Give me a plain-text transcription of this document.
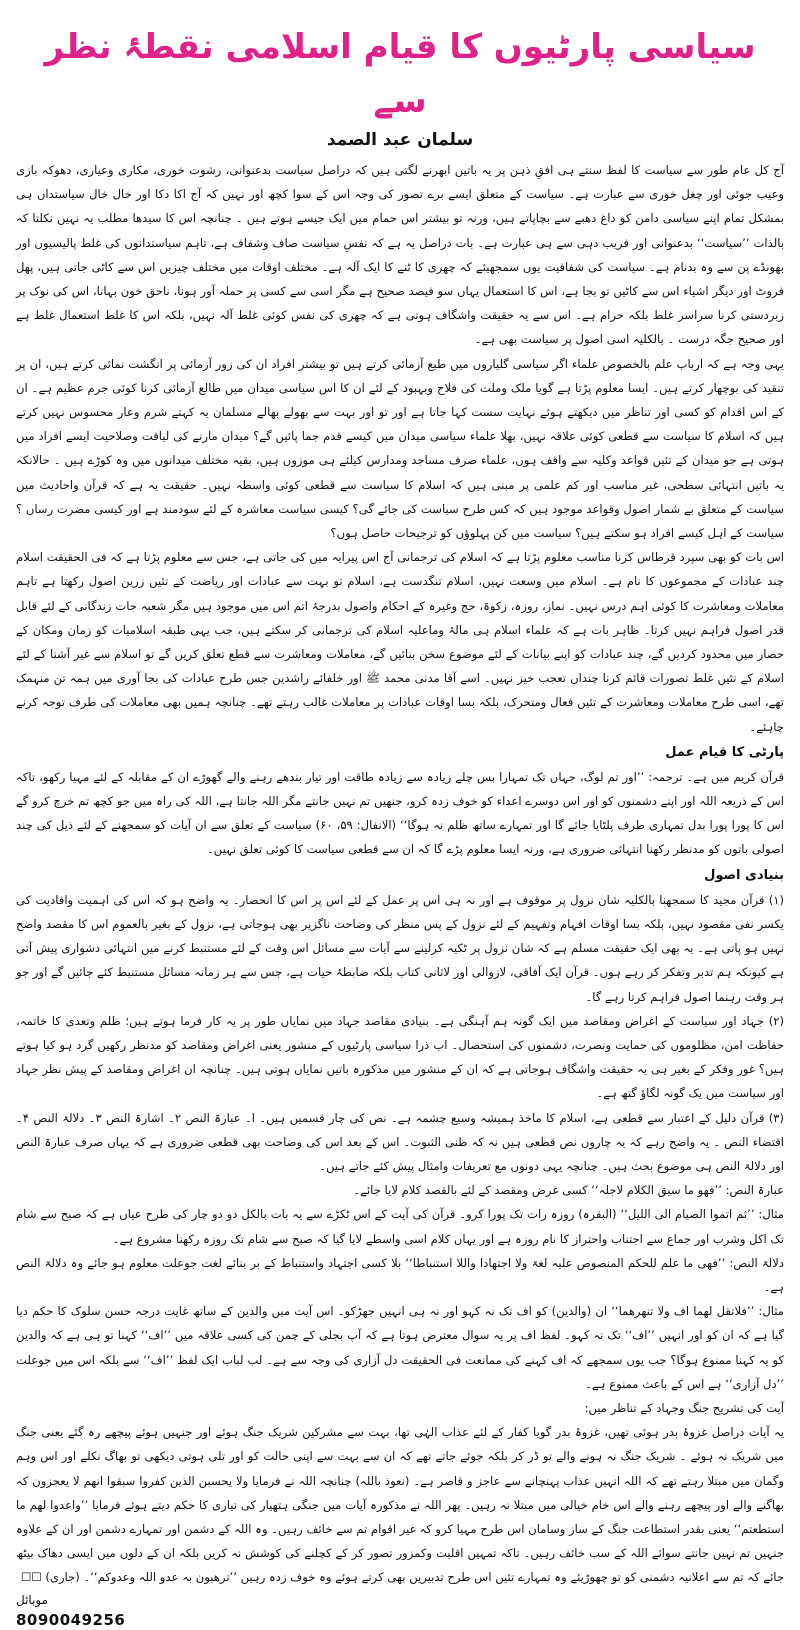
سیاسی پارٹیوں کا قیام اسلامی نقطۂ نظر سے
سلمان عبد الصمد

آج کل عام طور سے سیاست کا لفظ سنتے ہی افقِ ذہن پر یہ باتیں ابھرنے لگتی ہیں کہ دراصل سیاست بدعنوانی، رشوت خوری، مکاری وعیاری، دھوکہ بازی وعیب جوئی اور چغل خوری سے عبارت ہے۔ سیاست کے متعلق ایسے برے تصور کی وجہ اس کے سوا کچھ اور نہیں کہ آج اکا دکا اور خال خال سیاستداں ہی بمشکل تمام اپنے سیاسی دامن کو داغ دھبے سے بچاپاتے ہیں، ورنہ تو بیشتر اس حمام میں ایک جیسے ہوتے ہیں ۔ چنانچہ اس کا سیدھا مطلب یہ نہیں نکلتا کہ بالذات ’’سیاست‘‘ بدعنوانی اور فریب دہی سے ہی عبارت ہے۔ بات دراصل یہ ہے کہ نفسِ سیاست صاف وشفاف ہے، تاہم سیاستدانوں کی غلط پالیسیوں اور بھونڈے پن سے وہ بدنام ہے۔ سیاست کی شفافیت یوں سمجھیئے کہ چھری کا ٹنے کا ایک آلہ ہے۔ مختلف اوقات میں مختلف چیزیں اس سے کاٹی جاتی ہیں، پھل فروٹ اور دیگر اشیاء اس سے کاٹیں تو بجا ہے، اس کا استعمال یہاں سو فیصد صحیح ہے مگر اسی سے کسی پر حملہ آور ہونا، ناحق خون بہانا، اس کی نوک پر زبردستی کرنا سراسر غلط بلکہ حرام ہے۔ اس سے یہ حقیقت واشگاف ہوتی ہے کہ چھری کی نفس کوئی غلط آلہ نہیں، بلکہ اس کا غلط استعمال غلط ہے اور صحیح جگہ درست ۔ بالکلیہ اسی اصول پر سیاست بھی ہے۔

یہی وجہ ہے کہ ارباب علم بالخصوص علماء اگر سیاسی گلیاروں میں طبع آزمائی کرتے ہیں تو بیشتر افراد ان کی زور آزمائی پر انگشت نمائی کرتے ہیں، ان پر تنقید کی بوچھار کرتے ہیں۔ ایسا معلوم پڑتا ہے گویا ملک وملت کی فلاح وبہبود کے لئے ان کا اس سیاسی میدان میں طالع آزمائی کرنا کوئی جرم عظیم ہے۔ ان کے اس اقدام کو کسی اور تناظر میں دیکھتے ہوئے نہایت سست کہا جاتا ہے اور تو اور بہت سے بھولے بھالے مسلمان یہ کہتے شرم وعار محسوس نہیں کرتے ہیں کہ اسلام کا سیاست سے قطعی کوئی علاقہ نہیں، بھلا علماء سیاسی میدان میں کیسے قدم جما پائیں گے؟ میدان مارنے کی لیاقت وصلاحیت ایسے افراد میں ہوتی ہے جو میدان کے تئیں قواعد وکلیہ سے واقف ہوں، علماء صرف مساجد ومدارس کیلئے ہی موزوں ہیں، بقیہ مختلف میدانوں میں وہ کوڑے ہیں ۔ حالانکہ یہ باتیں انتہائی سطحی، غیر مناسب اور کم علمی پر مبنی ہیں کہ اسلام کا سیاست سے قطعی کوئی واسطہ نہیں۔ حقیقت یہ ہے کہ قرآن واحادیث میں سیاست کے متعلق بے شمار اصول وقواعد موجود ہیں کہ کس طرح سیاست کی جائے گی؟ کیسی سیاست معاشرہ کے لئے سودمند ہے اور کیسی مضرت رساں ؟ سیاست کے اہل کیسے افراد ہو سکتے ہیں؟ سیاست میں کن پہلوؤں کو ترجیحات حاصل ہوں؟

اس بات کو بھی سپرد قرطاس کرنا مناسب معلوم پڑتا ہے کہ اسلام کی ترجمانی آج اس پیرایہ میں کی جاتی ہے، جس سے معلوم پڑتا ہے کہ فی الحقیقت اسلام چند عبادات کے مجموعوں کا نام ہے۔ اسلام میں وسعت نہیں، اسلام تنگدست ہے، اسلام تو بہت سے عبادات اور ریاضت کے تئیں زرین اصول رکھتا ہے تاہم معاملات ومعاشرت کا کوئی اہم درس نہیں۔ نماز، روزہ، زکوۃ، حج وغیرہ کے احکام واصول بدرجۂ اتم اس میں موجود ہیں مگر شعبہ جات زندگانی کے لئے قابل قدر اصول فراہم نہیں کرتا۔ ظاہر بات ہے کہ علماء اسلام ہی مالۂ وماعلیہ اسلام کی ترجمانی کر سکتے ہیں، جب یہی طبقہ اسلامیات کو زمان ومکان کے حصار میں محدود کردیں گے، چند عبادات کو اپنے بیانات کے لئے موضوع سخن بنائیں گے، معاملات ومعاشرت سے قطع تعلق کریں گے تو اسلام سے غیر آشنا کے لئے اسلام کے تئیں غلط تصورات قائم کرنا چنداں تعجب خیز نہیں۔ اسے آقا مدنی محمد ﷺ اور خلفائے راشدین جس طرح عبادات کی بجا آوری میں ہمہ تن منہمک تھے، اسی طرح معاملات ومعاشرت کے تئیں فعال ومتحرک، بلکہ بسا اوقات عبادات پر معاملات غالب رہتے تھے۔ چنانچہ ہمیں بھی معاملات کی طرف توجہ کرنے چاہئے۔

پارٹی کا قیام عمل

قرآن کریم میں ہے۔ ترجمہ: ’’اور تم لوگ، جہاں تک تمہارا بس چلے زیادہ سے زیادہ طاقت اور تیار بندھے رہنے والے گھوڑے ان کے مقابلہ کے لئے مہیا رکھو، تاکہ اس کے ذریعہ اللہ اور اپنے دشمنوں کو اور اس دوسرے اعداء کو خوف زدہ کرو، جنھیں تم نہیں جانتے مگر اللہ جانتا ہے، اللہ کی راہ میں جو کچھ تم خرچ کرو گے اس کا پورا پورا بدل تمہاری طرف پلٹایا جائے گا اور تمہارے ساتھ ظلم نہ ہوگا‘‘ (الانفال: ۵۹، ۶۰) سیاست کے تعلق سے ان آیات کو سمجھنے کے لئے ذیل کی چند اصولی باتوں کو مدنظر رکھنا انتہائی ضروری ہے، ورنہ ایسا معلوم پڑے گا کہ ان سے قطعی سیاست کا کوئی تعلق نہیں۔

بنیادی اصول

(۱) قرآن مجید کا سمجھنا بالکلیہ شان نزول پر موقوف ہے اور نہ ہی اس پر عمل کے لئے اس پر اس کا انحصار۔ یہ واضح ہو کہ اس کی اہمیت وافادیت کی یکسر نفی مقصود نہیں، بلکہ بسا اوقات افہام وتفہیم کے لئے نزول کے پس منظر کی وضاحت ناگزیر بھی ہوجاتی ہے، نزول کے بغیر بالعموم اس کا مقصد واضح نہیں ہو پاتی ہے۔ یہ بھی ایک حقیقت مسلم ہے کہ شان نزول پر ٹکیہ کرلینے سے آیات سے مسائل اس وقت کے لئے مستنبط کرنے میں انتہائی دشواری پیش آتی ہے کیونکہ ہم تدبر وتفکر کر رہے ہوں۔ قرآن ایک آفاقی، لازوالی اور لاثانی کتاب بلکہ ضابطۂ حیات ہے، جس سے ہر زمانہ مسائل مستنبط کئے جائیں گے اور جو ہر وقت رہنما اصول فراہم کرتا رہے گا۔

(۲) جہاد اور سیاست کے اغراض ومقاصد میں ایک گونہ ہم آہنگی ہے۔ بنیادی مقاصد جہاد میں نمایاں طور پر یہ کار فرما ہوتے ہیں؛ ظلم وتعدی کا خاتمہ، حفاظت امن، مظلوموں کی حمایت ونصرت، دشمنوں کی استحصال۔ اب ذرا سیاسی پارٹیوں کے منشور یعنی اغراض ومقاصد کو مدنظر رکھیں گرد ہو کیا ہوتے ہیں؟ غور وفکر کے بغیر ہی یہ حقیقت واشگاف ہوجاتی ہے کہ ان کے منشور میں مذکورہ باتیں نمایاں ہوتی ہیں۔ چنانچہ ان اغراض ومقاصد کے پیش نظر جہاد اور سیاست میں یک گونہ لگاؤ گتھ ہے۔

(۳) قرآن دلیل کے اعتبار سے قطعی ہے، اسلام کا ماخذ ہمیشہ وسیع چشمہ ہے۔ نص کی چار قسمیں ہیں۔ ا۔ عبارۃ النص ۲۔ اشارۃ النص ۳۔ دلالۃ النص ۴۔ اقتضاء النص ۔ یہ واضح رہے کہ یہ چاروں نص قطعی ہیں نہ کہ ظنی الثبوت۔ اس کے بعد اس کی وضاحت بھی قطعی ضروری ہے کہ یہاں صرف عبارۃ النص اور دلالۃ النص ہی موضوع بحث ہیں۔ چنانچہ یہی دونوں مع تعریفات وامثال پیش کئے جاتے ہیں۔

عبارۃ النص: ’’فھو ما سیق الکلام لاجلہ‘‘ کسی غرض ومقصد کے لئے بالقصد کلام لایا جائے۔

مثال: ’’ثم اتموا الصیام الی اللیل‘‘ (البقرہ) روزہ رات تک پورا کرو۔ قرآن کی آیت کے اس ٹکڑے سے یہ بات بالکل دو دو چار کی طرح عیاں ہے کہ صبح سے شام تک اکل وشرب اور جماع سے اجتناب واحتراز کا نام روزہ ہے اور یہاں کلام اسی واسطے لایا گیا کہ صبح سے شام تک روزہ رکھنا مشروع ہے۔

دلالۃ النص: ’’فھی ما علم للحکم المنصوص علیہ لغۃ ولا اجتھادا واللا استنباطا‘‘ بلا کسی اجتہاد واستنباط کے بر بنائے لغت جوعلت معلوم ہو جائے وہ دلالۃ النص ہے۔

مثال: ’’فلاتقل لھما اف ولا تنھرھما‘‘ ان (والدین) کو اف تک نہ کہو اور نہ ہی انہیں جھڑکو۔ اس آیت میں والدین کے ساتھ غایت درجہ حسن سلوک کا حکم دیا گیا ہے کہ ان کو اور انہیں ’’اف‘‘ تک نہ کہو۔ لفظ اف پر یہ سوال معترض ہوتا ہے کہ آپ بجلی کے چمن کی کسی علاقہ میں ’’اف‘‘ کہنا تو ہی ہے کہ والدین کو یہ کہنا ممنوع ہوگا؟ جب یوں سمجھے کہ اف کہنے کی ممانعت فی الحقیقت دل آزاری کی وجہ سے ہے۔ لب لباب ایک لفظ ’’اف‘‘ سے بلکہ اس میں جوعلت ’’دل آزاری‘‘ ہے اس کے باعث ممنوع ہے۔

آیت کی تشریح جنگ وجہاد کے تناظر میں:

یہ آیات دراصل غزوۂ بدر ہوئی تھیں، غزوۂ بدر گویا کفار کے لئے عذاب الہٰی تھا، بہت سے مشرکین شریک جنگ ہوئے اور جنہیں ہوئے پیچھے رہ گئے یعنی جنگ میں شریک نہ ہوئے ۔ شریک جنگ نہ ہونے والے تو ڈر کر بلکہ جوئے جاتے تھے کہ ان سے بہت سے اپنی حالت کو اور تلی ہوتی دیکھی تو بھاگ نکلے اور اس وہم وگمان میں مبتلا رہتے تھے کہ اللہ انہیں عذاب پہنچانے سے عاجز و قاصر ہے۔ (نعوذ باللہ) چنانچہ اللہ نے فرمایا ولا یحسبن الذین کفروا سبقوا انھم لا یعجزون کہ بھاگنے والے اور پیچھے رہنے والے اس خام خیالی میں مبتلا نہ رہیں۔ پھر اللہ نے مذکورہ آیات میں جنگی ہتھیار کی تیاری کا حکم دیتے ہوئے فرمایا ’’واعدوا لھم ما استطعتم‘‘ یعنی بقدر استطاعت جنگ کے ساز وسامان اس طرح مہیا کرو کہ غیر اقوام تم سے خائف رہیں۔ وہ اللہ کے دشمن اور تمہارے دشمن اور ان کے علاوہ جنہیں تم نہیں جانتے سوائے اللہ کے سب خائف رہیں۔ تاکہ تمہیں اقلیت وکمزور تصور کر کے کچلنے کی کوشش نہ کریں بلکہ ان کے دلوں میں ایسی دھاک بیٹھ جائے کہ تم سے اعلانیہ دشمنی کو تو چھوڑیئے وہ تمہارے تئیں اس طرح تدبیریں بھی کرتے ہوئے وہ خوف زدہ رہیں ’’ترھبون بہ عدو اللہ وعدوکم‘‘۔ (جاری) ☐☐

موبائل
8090049256
